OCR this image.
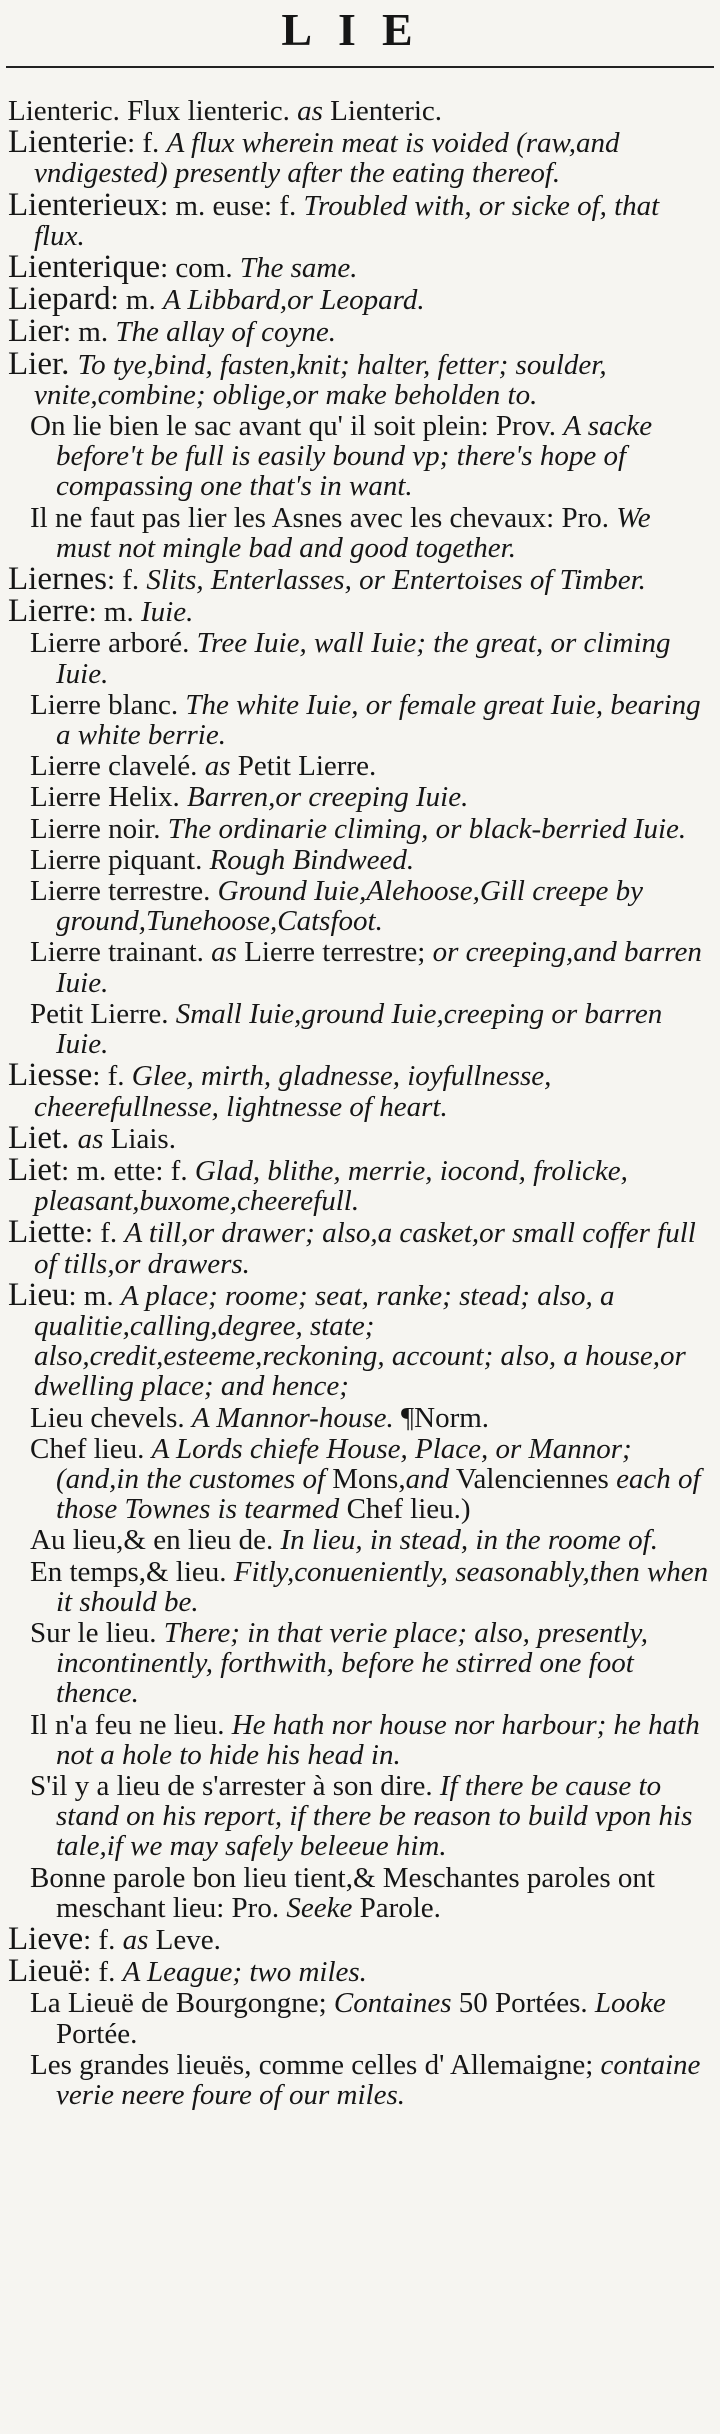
LIE
Lienteric. Flux lienteric. as Lienteric.
Lienterie: f. A flux wherein meat is voided (raw,and vndigested) presently after the eating thereof.
Lienterieux: m. euse: f. Troubled with, or sicke of, that flux.
Lienterique: com. The same.
Liepard: m. A Libbard,or Leopard.
Lier: m. The allay of coyne.
Lier. To tye,bind, fasten,knit; halter, fetter; soulder, vnite,combine; oblige,or make beholden to.
On lie bien le sac avant qu' il soit plein: Prov. A sacke before't be full is easily bound vp; there's hope of compassing one that's in want.
Il ne faut pas lier les Asnes avec les chevaux: Pro. We must not mingle bad and good together.
Liernes: f. Slits, Enterlasses, or Entertoises of Timber.
Lierre: m. Iuie.
Lierre arboré. Tree Iuie, wall Iuie; the great, or climing Iuie.
Lierre blanc. The white Iuie, or female great Iuie, bearing a white berrie.
Lierre clavelé. as Petit Lierre.
Lierre Helix. Barren,or creeping Iuie.
Lierre noir. The ordinarie climing, or black-berried Iuie.
Lierre piquant. Rough Bindweed.
Lierre terrestre. Ground Iuie,Alehoose,Gill creepe by ground,Tunehoose,Catsfoot.
Lierre trainant. as Lierre terrestre; or creeping,and barren Iuie.
Petit Lierre. Small Iuie,ground Iuie,creeping or barren Iuie.
Liesse: f. Glee, mirth, gladnesse, ioyfullnesse, cheerefullnesse, lightnesse of heart.
Liet. as Liais.
Liet: m. ette: f. Glad, blithe, merrie, iocond, frolicke, pleasant,buxome,cheerefull.
Liette: f. A till,or drawer; also,a casket,or small coffer full of tills,or drawers.
Lieu: m. A place; roome; seat, ranke; stead; also, a qualitie,calling,degree, state; also,credit,esteeme,reckoning, account; also, a house,or dwelling place; and hence;
Lieu chevels. A Mannor-house. ¶Norm.
Chef lieu. A Lords chiefe House, Place, or Mannor; (and,in the customes of Mons,and Valenciennes each of those Townes is tearmed Chef lieu.)
Au lieu,& en lieu de. In lieu, in stead, in the roome of.
En temps,& lieu. Fitly,conueniently, seasonably,then when it should be.
Sur le lieu. There; in that verie place; also, presently, incontinently, forthwith, before he stirred one foot thence.
Il n'a feu ne lieu. He hath nor house nor harbour; he hath not a hole to hide his head in.
S'il y a lieu de s'arrester à son dire. If there be cause to stand on his report, if there be reason to build vpon his tale,if we may safely beleeue him.
Bonne parole bon lieu tient,& Meschantes paroles ont meschant lieu: Pro. Seeke Parole.
Lieve: f. as Leve.
Lieuë: f. A League; two miles.
La Lieuë de Bourgongne; Containes 50 Portées. Looke Portée.
Les grandes lieuës, comme celles d' Allemaigne; containe verie neere foure of our miles.
